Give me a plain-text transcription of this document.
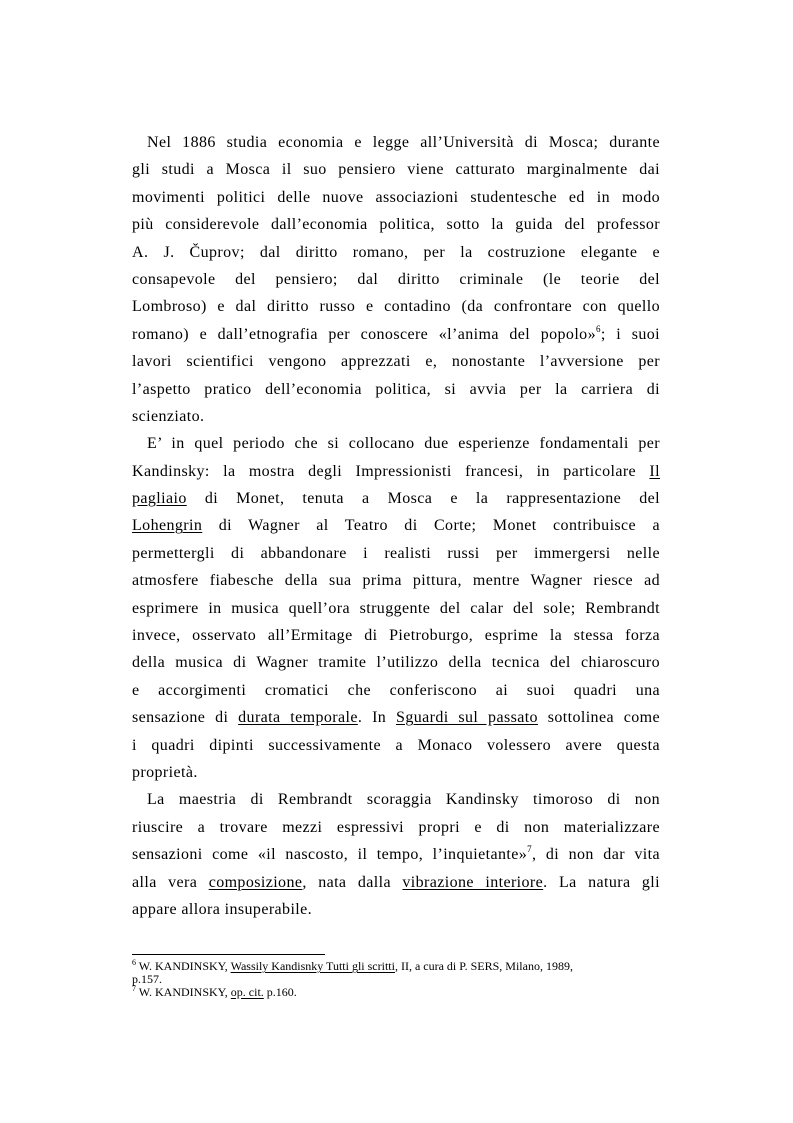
Nel 1886 studia economia e legge all’Università di Mosca; durante
gli studi a Mosca il suo pensiero viene catturato marginalmente dai
movimenti politici delle nuove associazioni studentesche ed in modo
più considerevole dall’economia politica, sotto la guida del professor
A. J. Čuprov; dal diritto romano, per la costruzione elegante e
consapevole del pensiero; dal diritto criminale (le teorie del
Lombroso) e dal diritto russo e contadino (da confrontare con quello
romano) e dall’etnografia per conoscere «l’anima del popolo»$^6$; i suoi
lavori scientifici vengono apprezzati e, nonostante l’avversione per
l’aspetto pratico dell’economia politica, si avvia per la carriera di
scienziato.
E’ in quel periodo che si collocano due esperienze fondamentali per
Kandinsky: la mostra degli Impressionisti francesi, in particolare Il
pagliaio di Monet, tenuta a Mosca e la rappresentazione del
Lohengrin di Wagner al Teatro di Corte; Monet contribuisce a
permettergli di abbandonare i realisti russi per immergersi nelle
atmosfere fiabesche della sua prima pittura, mentre Wagner riesce ad
esprimere in musica quell’ora struggente del calar del sole; Rembrandt
invece, osservato all’Ermitage di Pietroburgo, esprime la stessa forza
della musica di Wagner tramite l’utilizzo della tecnica del chiaroscuro
e accorgimenti cromatici che conferiscono ai suoi quadri una
sensazione di durata temporale. In Sguardi sul passato sottolinea come
i quadri dipinti successivamente a Monaco volessero avere questa
proprietà.
La maestria di Rembrandt scoraggia Kandinsky timoroso di non
riuscire a trovare mezzi espressivi propri e di non materializzare
sensazioni come «il nascosto, il tempo, l’inquietante»$^7$, di non dar vita
alla vera composizione, nata dalla vibrazione interiore. La natura gli
appare allora insuperabile.
$^6$ W. KANDINSKY, Wassily Kandisnky Tutti gli scritti, II, a cura di P. SERS, Milano, 1989,
p.157.
$^7$ W. KANDINSKY, op. cit. p.160.
